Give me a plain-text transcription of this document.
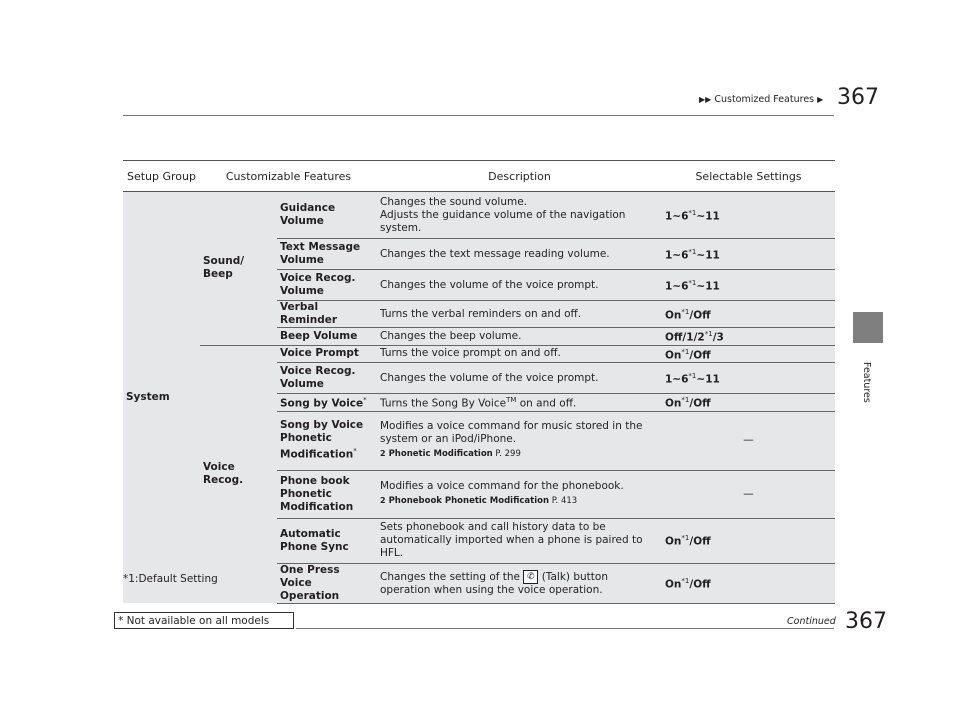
▶▶ Customized Features ▶ 367
Features
Setup Group	Customizable Features		Description	Selectable Settings
System	Sound/ Beep	Guidance Volume	Changes the sound volume.
Adjusts the guidance volume of the navigation system.	1~6$^{*1}$~11
		Text Message Volume	Changes the text message reading volume.	1~6$^{*1}$~11
		Voice Recog. Volume	Changes the volume of the voice prompt.	1~6$^{*1}$~11
		Verbal Reminder	Turns the verbal reminders on and off.	On$^{*1}$/Off
		Beep Volume	Changes the beep volume.	Off/1/2$^{*1}$/3
	Voice Recog.	Voice Prompt	Turns the voice prompt on and off.	On$^{*1}$/Off
		Voice Recog. Volume	Changes the volume of the voice prompt.	1~6$^{*1}$~11
		Song by Voice*	Turns the Song By Voice™ on and off.	On$^{*1}$/Off
		Song by Voice Phonetic Modification*	Modifies a voice command for music stored in the system or an iPod/iPhone.
2 Phonetic Modification P. 299	—

		Phone book Phonetic Modification	Modifies a voice command for the phonebook.
2 Phonebook Phonetic Modification P. 413	—

		Automatic Phone Sync	Sets phonebook and call history data to be automatically imported when a phone is paired to HFL.	On$^{*1}$/Off
		One Press Voice Operation	Changes the setting of the ✆ (Talk) button operation when using the voice operation.	On$^{*1}$/Off
*1:Default Setting
* Not available on all models	Continued 367
